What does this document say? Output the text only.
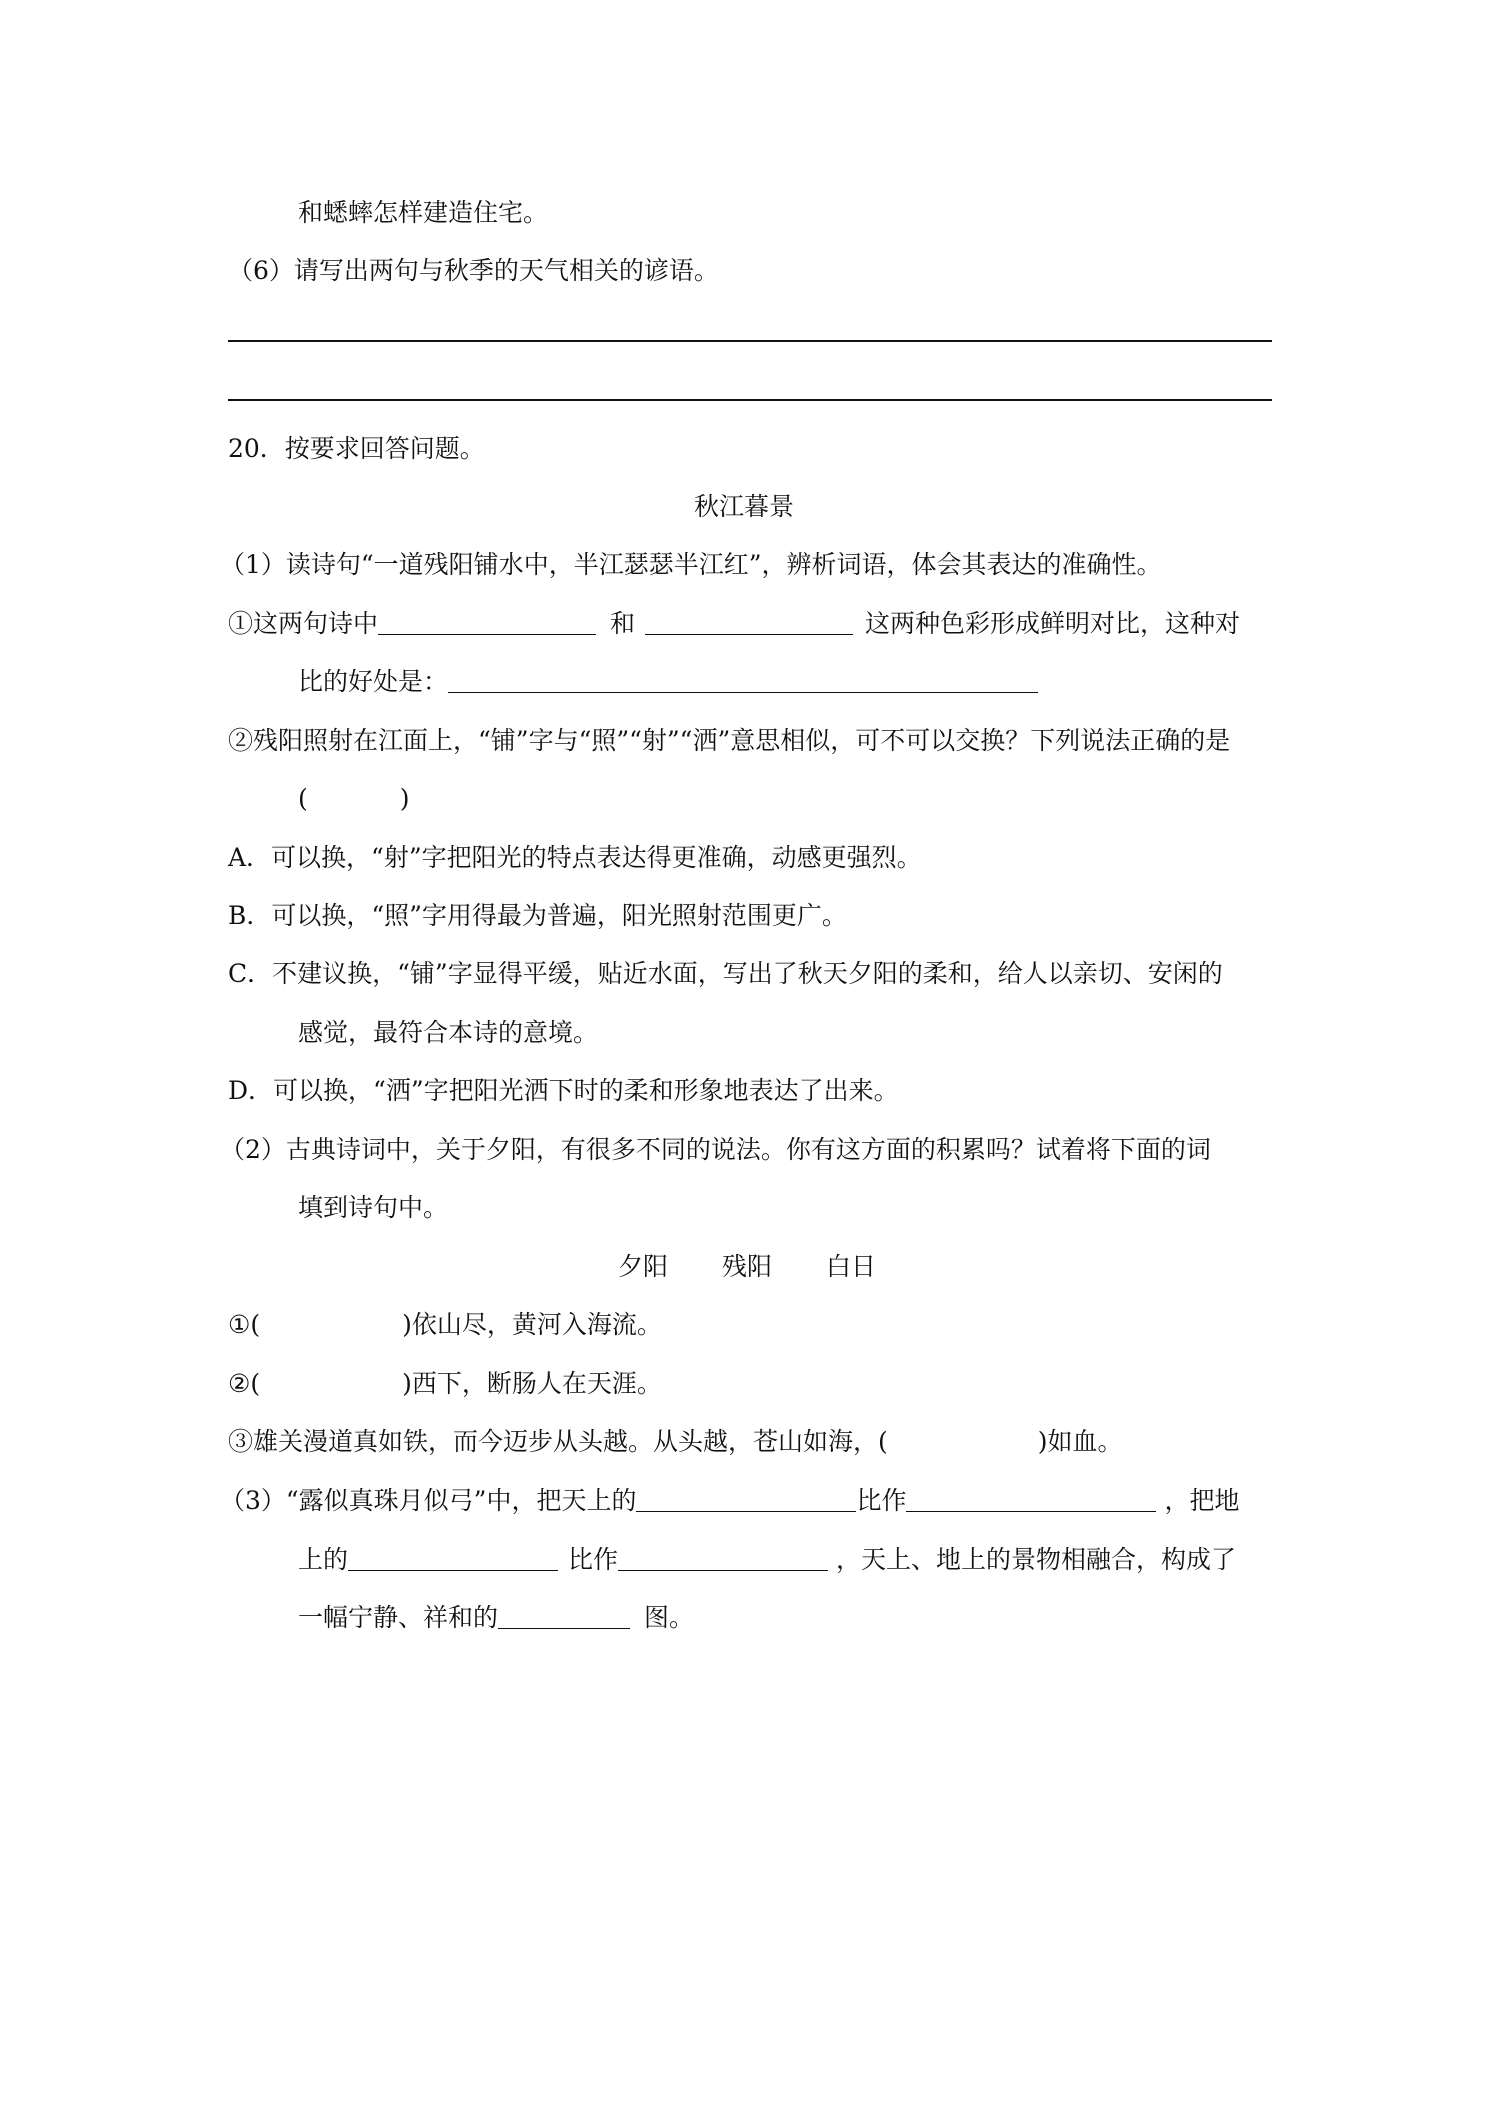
和蟋蟀怎样建造住宅。
（6）请写出两句与秋季的天气相关的谚语。
20．按要求回答问题。
秋江暮景
（1）读诗句“一道残阳铺水中，半江瑟瑟半江红”，辨析词语，体会其表达的准确性。
①这两句诗中	和	这两种色彩形成鲜明对比，这种对
比的好处是：
②残阳照射在江面上，“铺”字与“照”“射”“洒”意思相似，可不可以交换？下列说法正确的是
(	)
A．可以换，“射”字把阳光的特点表达得更准确，动感更强烈。
B．可以换，“照”字用得最为普遍，阳光照射范围更广。
C．不建议换，“铺”字显得平缓，贴近水面，写出了秋天夕阳的柔和，给人以亲切、安闲的
感觉，最符合本诗的意境。
D．可以换，“洒”字把阳光洒下时的柔和形象地表达了出来。
（2）古典诗词中，关于夕阳，有很多不同的说法。你有这方面的积累吗？试着将下面的词
填到诗句中。
夕阳 残阳 白日
①(	)依山尽，黄河入海流。
②(	)西下，断肠人在天涯。
③雄关漫道真如铁，而今迈步从头越。从头越，苍山如海，(	)如血。
（3）“露似真珠月似弓”中，把天上的	比作	，把地
上的	比作	，天上、地上的景物相融合，构成了
一幅宁静、祥和的	图。
